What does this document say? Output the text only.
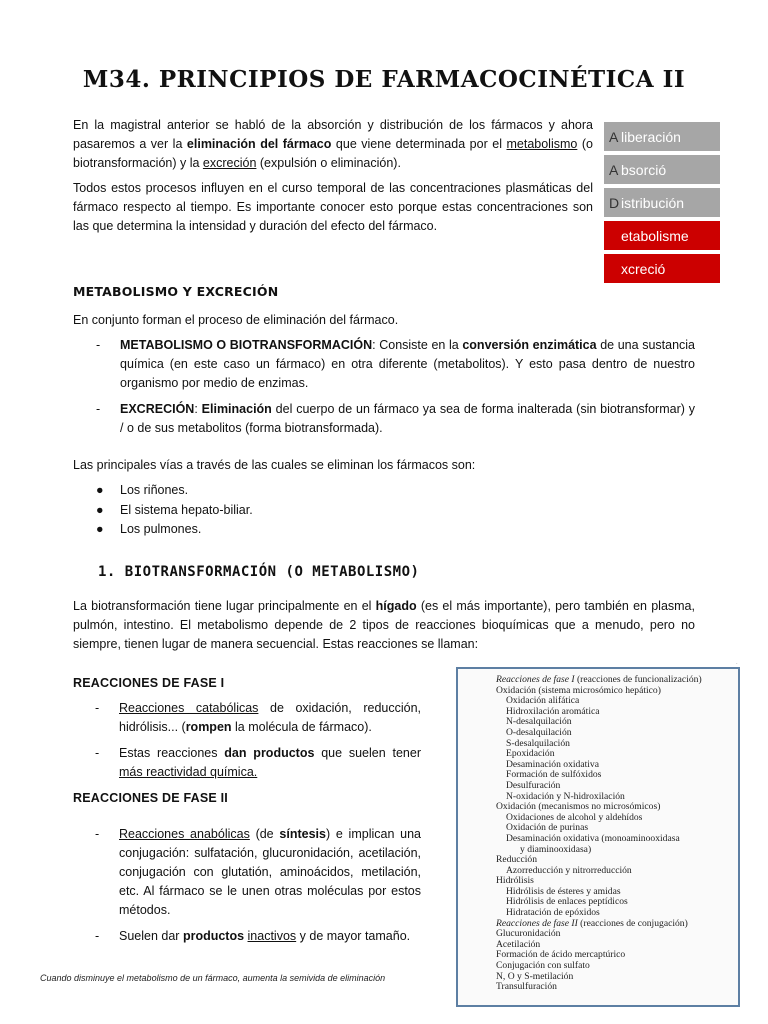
M34. PRINCIPIOS DE FARMACOCINÉTICA II

En la magistral anterior se habló de la absorción y distribución de los fármacos y ahora pasaremos a ver la eliminación del fármaco que viene determinada por el metabolismo (o biotransformación) y la excreción (expulsión o eliminación).

Todos estos procesos influyen en el curso temporal de las concentraciones plasmáticas del fármaco respecto al tiempo. Es importante conocer esto porque estas concentraciones son las que determina la intensidad y duración del efecto del fármaco.

A liberación
A bsorció
D istribución
M etabolisme
E xcreció
METABOLISMO Y EXCRECIÓN

En conjunto forman el proceso de eliminación del fármaco.

- METABOLISMO O BIOTRANSFORMACIÓN: Consiste en la conversión enzimática de una sustancia química (en este caso un fármaco) en otra diferente (metabolitos). Y esto pasa dentro de nuestro organismo por medio de enzimas.
- EXCRECIÓN: Eliminación del cuerpo de un fármaco ya sea de forma inalterada (sin biotransformar) y / o de sus metabolitos (forma biotransformada).

Las principales vías a través de las cuales se eliminan los fármacos son:

●	Los riñones.
●	El sistema hepato-biliar.
●	Los pulmones.
1. BIOTRANSFORMACIÓN (O METABOLISMO)

La biotransformación tiene lugar principalmente en el hígado (es el más importante), pero también en plasma, pulmón, intestino. El metabolismo depende de 2 tipos de reacciones bioquímicas que a menudo, pero no siempre, tienen lugar de manera secuencial. Estas reacciones se llaman:

REACCIONES DE FASE I
- Reacciones catabólicas de oxidación, reducción, hidrólisis... (rompen la molécula de fármaco).
- Estas reacciones dan productos que suelen tener más reactividad química.
REACCIONES DE FASE II
- Reacciones anabólicas (de síntesis) e implican una conjugación: sulfatación, glucuronidación, acetilación, conjugación con glutatión, aminoácidos, metilación, etc. Al fármaco se le unen otras moléculas por estos métodos.
- Suelen dar productos inactivos y de mayor tamaño.
Cuando disminuye el metabolismo de un fármaco, aumenta la semivida de eliminación
.
Reacciones de fase I (reacciones de funcionalización)
Oxidación (sistema microsómico hepático)
Oxidación alifática
Hidroxilación aromática
N-desalquilación
O-desalquilación
S-desalquilación
Epoxidación
Desaminación oxidativa
Formación de sulfóxidos
Desulfuración
N-oxidación y N-hidroxilación
Oxidación (mecanismos no microsómicos)
Oxidaciones de alcohol y aldehídos
Oxidación de purinas
Desaminación oxidativa (monoaminooxidasa
y diaminooxidasa)
Reducción
Azorreducción y nitrorreducción
Hidrólisis
Hidrólisis de ésteres y amidas
Hidrólisis de enlaces peptídicos
Hidratación de epóxidos
Reacciones de fase II (reacciones de conjugación)
Glucuronidación
Acetilación
Formación de ácido mercaptúrico
Conjugación con sulfato
N, O y S-metilación
Transulfuración
